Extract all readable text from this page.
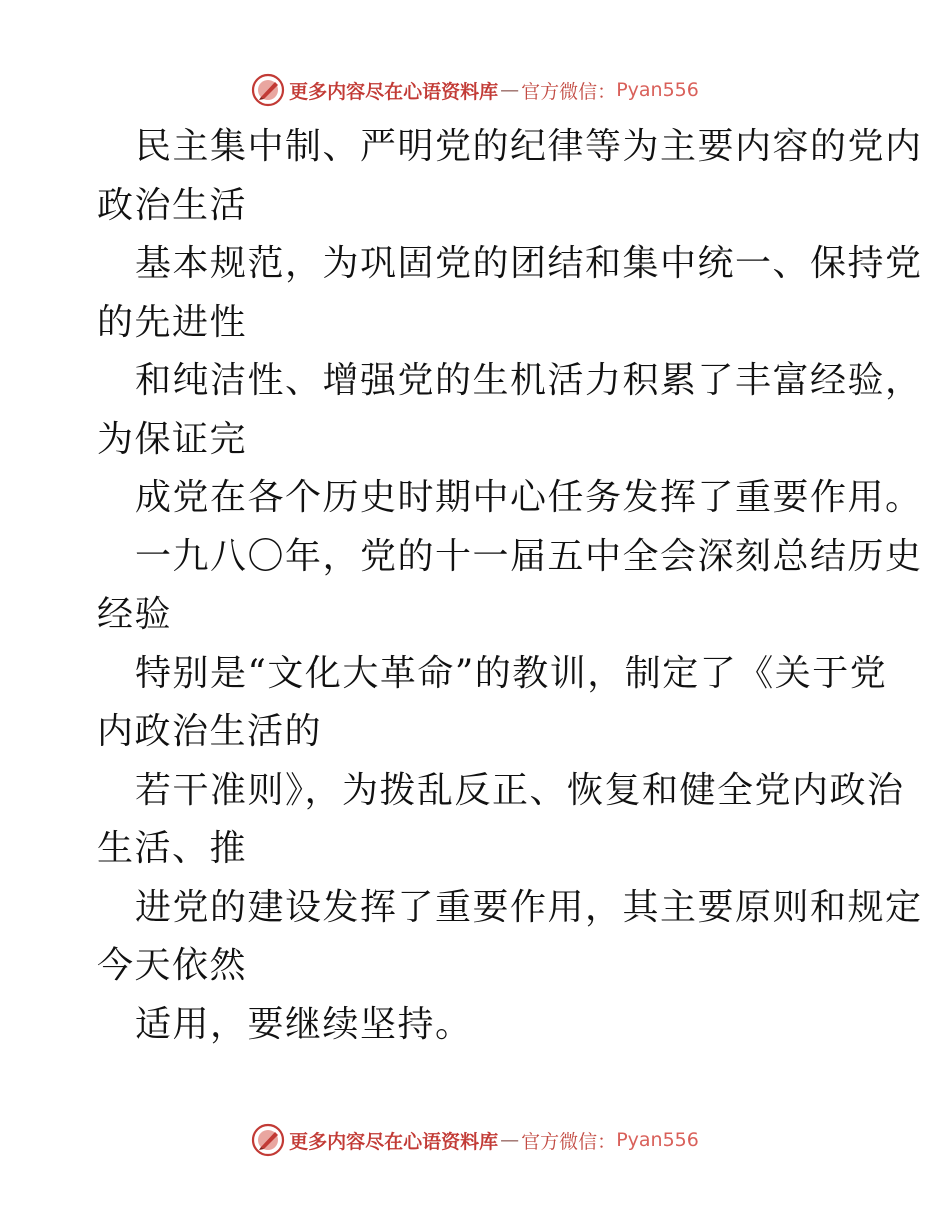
更多内容尽在心语资料库 — 官方微信： Pyan556
民主集中制、严明党的纪律等为主要内容的党内
政治生活
基本规范，为巩固党的团结和集中统一、保持党
的先进性
和纯洁性、增强党的生机活力积累了丰富经验，
为保证完
成党在各个历史时期中心任务发挥了重要作用。
一九八〇年，党的十一届五中全会深刻总结历史
经验
特别是“文化大革命”的教训，制定了《关于党
内政治生活的
若干准则》，为拨乱反正、恢复和健全党内政治
生活、推
进党的建设发挥了重要作用，其主要原则和规定
今天依然
适用，要继续坚持。
更多内容尽在心语资料库 — 官方微信： Pyan556
